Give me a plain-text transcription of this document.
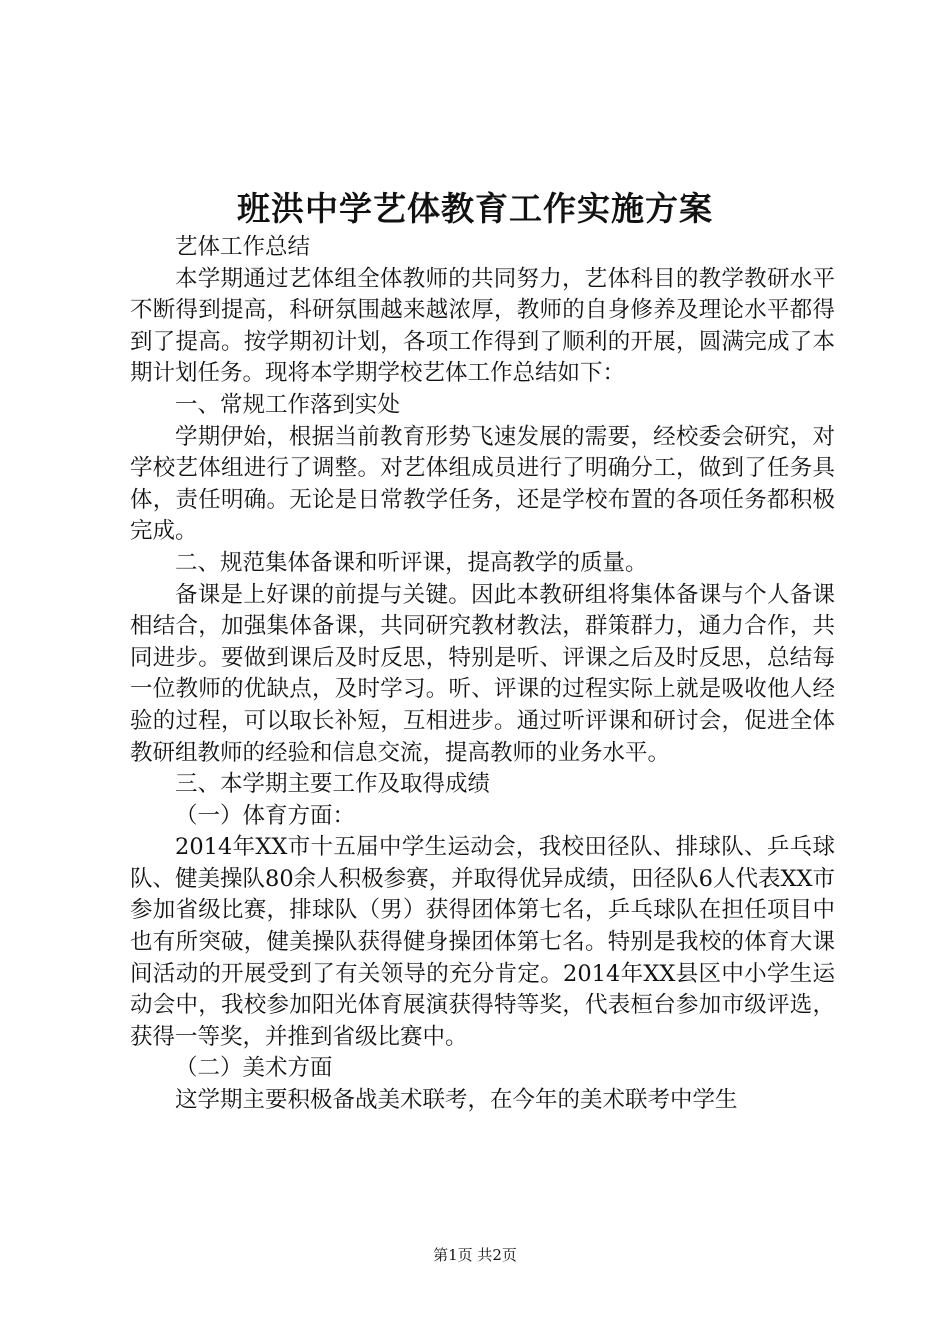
班洪中学艺体教育工作实施方案

艺体工作总结

本学期通过艺体组全体教师的共同努力，艺体科目的教学教研水平不断得到提高，科研氛围越来越浓厚，教师的自身修养及理论水平都得到了提高。按学期初计划，各项工作得到了顺利的开展，圆满完成了本期计划任务。现将本学期学校艺体工作总结如下：

一、常规工作落到实处

学期伊始，根据当前教育形势飞速发展的需要，经校委会研究，对学校艺体组进行了调整。对艺体组成员进行了明确分工，做到了任务具体，责任明确。无论是日常教学任务，还是学校布置的各项任务都积极完成。

二、规范集体备课和听评课，提高教学的质量。

备课是上好课的前提与关键。因此本教研组将集体备课与个人备课相结合，加强集体备课，共同研究教材教法，群策群力，通力合作，共同进步。要做到课后及时反思，特别是听、评课之后及时反思，总结每一位教师的优缺点，及时学习。听、评课的过程实际上就是吸收他人经验的过程，可以取长补短，互相进步。通过听评课和研讨会，促进全体教研组教师的经验和信息交流，提高教师的业务水平。

三、本学期主要工作及取得成绩

（一）体育方面：

2014年XX市十五届中学生运动会，我校田径队、排球队、乒乓球队、健美操队80余人积极参赛，并取得优异成绩，田径队6人代表XX市参加省级比赛，排球队（男）获得团体第七名，乒乓球队在担任项目中也有所突破，健美操队获得健身操团体第七名。特别是我校的体育大课间活动的开展受到了有关领导的充分肯定。2014年XX县区中小学生运动会中，我校参加阳光体育展演获得特等奖，代表桓台参加市级评选，获得一等奖，并推到省级比赛中。

（二）美术方面

这学期主要积极备战美术联考，在今年的美术联考中学生

第1页 共2页
